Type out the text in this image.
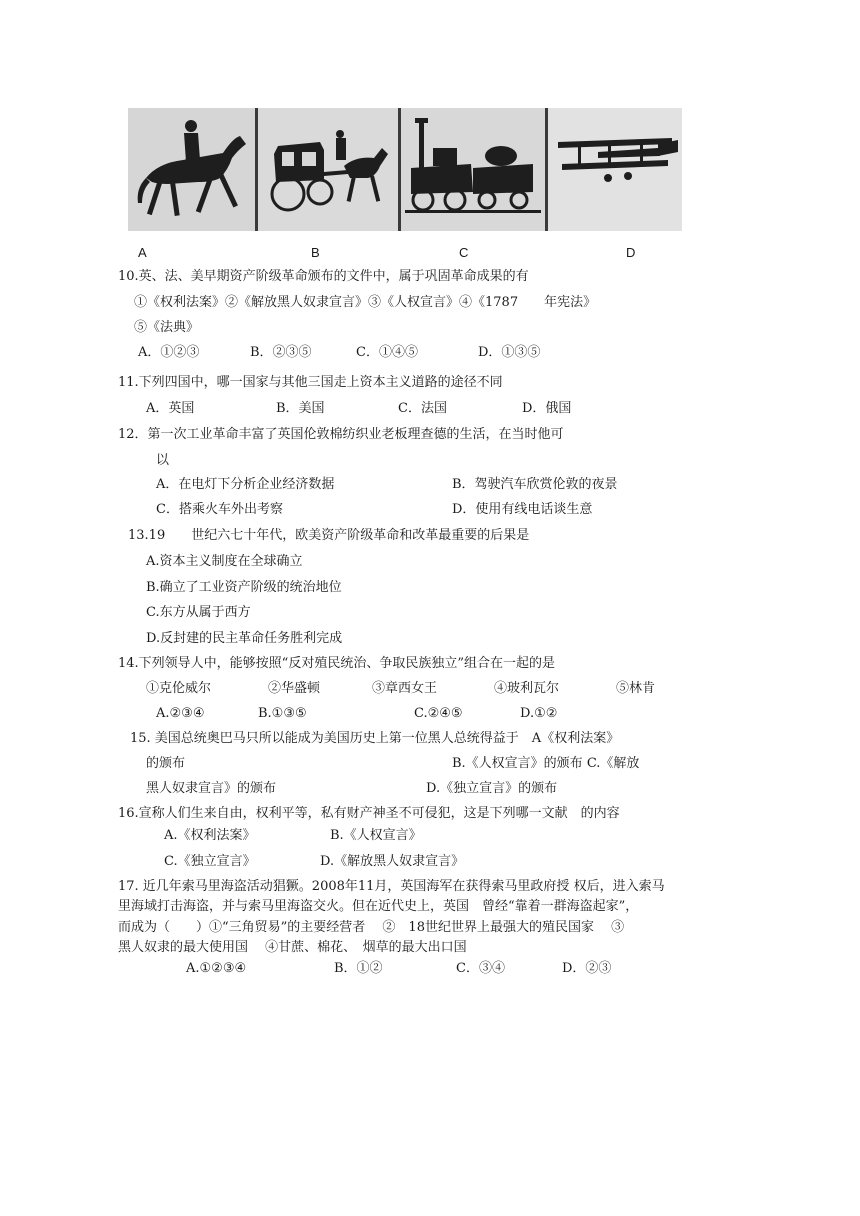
A	B	C	D
10.英、法、美早期资产阶级革命颁布的文件中，属于巩固革命成果的有
①《权利法案》②《解放黑人奴隶宣言》③《人权宣言》④《1787　　年宪法》
⑤《法典》
A．①②③	B．②③⑤	C．①④⑤	D．①③⑤
11.下列四国中，哪一国家与其他三国走上资本主义道路的途径不同
A．英国	B．美国	C．法国	D．俄国
12．第一次工业革命丰富了英国伦敦棉纺织业老板理查德的生活，在当时他可
以
A．在电灯下分析企业经济数据	B．驾驶汽车欣赏伦敦的夜景
C．搭乘火车外出考察	D．使用有线电话谈生意
13.19　　世纪六七十年代，欧美资产阶级革命和改革最重要的后果是
A.资本主义制度在全球确立
B.确立了工业资产阶级的统治地位
C.东方从属于西方
D.反封建的民主革命任务胜利完成
14.下列领导人中，能够按照“反对殖民统治、争取民族独立”组合在一起的是
①克伦威尔	②华盛顿	③章西女王	④玻利瓦尔	⑤林肯
A.②③④	B.①③⑤	C.②④⑤	D.①②
15. 美国总统奥巴马只所以能成为美国历史上第一位黑人总统得益于　A《权利法案》
的颁布	B.《人权宣言》的颁布 C.《解放
黑人奴隶宣言》的颁布	D.《独立宣言》的颁布
16.宣称人们生来自由，权利平等，私有财产神圣不可侵犯，这是下列哪一文献　的内容
A.《权利法案》	B.《人权宣言》
C.《独立宣言》	D.《解放黑人奴隶宣言》
17. 近几年索马里海盗活动猖獗。2008年11月，英国海军在获得索马里政府授 权后，进入索马
里海域打击海盗，并与索马里海盗交火。但在近代史上，英国　曾经“靠着一群海盗起家”，
而成为（　　）①“三角贸易”的主要经营者　 ②　18世纪世界上最强大的殖民国家　 ③
黑人奴隶的最大使用国　 ④甘蔗、棉花、　烟草的最大出口国
A.①②③④	B．①②	C．③④	D．②③
